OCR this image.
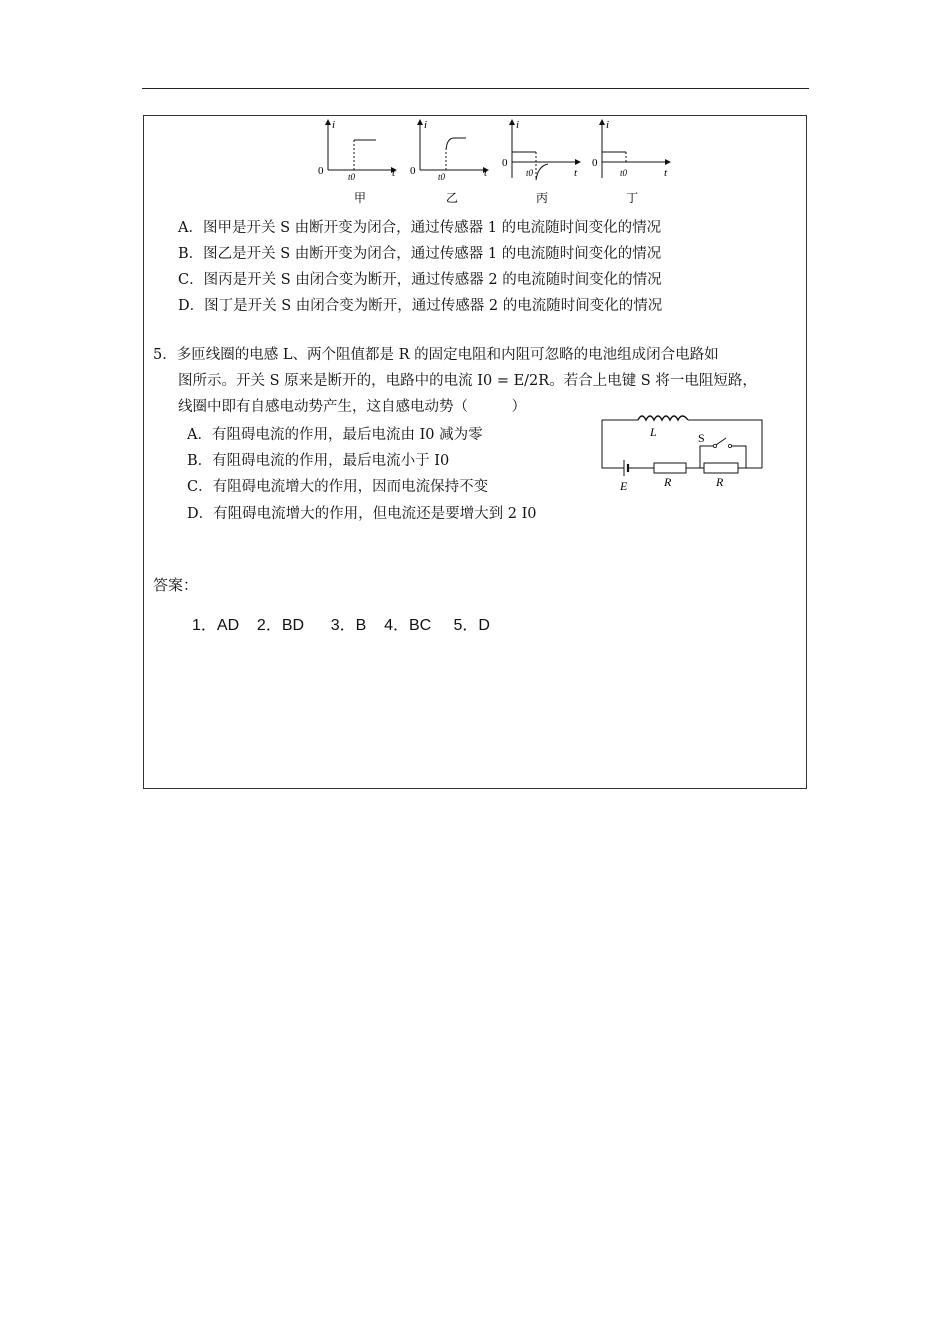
i
t
0	t0
甲
i
t
0	t0
乙
i
t
0
t0
丙
i
t
0
t0
丁
A．图甲是开关 S 由断开变为闭合，通过传感器 1 的电流随时间变化的情况
B．图乙是开关 S 由断开变为闭合，通过传感器 1 的电流随时间变化的情况
C．图丙是开关 S 由闭合变为断开，通过传感器 2 的电流随时间变化的情况
D．图丁是开关 S 由闭合变为断开，通过传感器 2 的电流随时间变化的情况
5．多匝线圈的电感 L、两个阻值都是 R 的固定电阻和内阻可忽略的电池组成闭合电路如
图所示。开关 S 原来是断开的，电路中的电流 I0 = E/2R。若合上电键 S 将一电阻短路，
线圈中即有自感电动势产生，这自感电动势（　　　）
A．有阻碍电流的作用，最后电流由 I0 减为零
B．有阻碍电流的作用，最后电流小于 I0
C．有阻碍电流增大的作用，因而电流保持不变
D．有阻碍电流增大的作用，但电流还是要增大到 2 I0
L
E	R	R
S
答案：
1．AD 2．BD 3．B 4．BC 5．D
